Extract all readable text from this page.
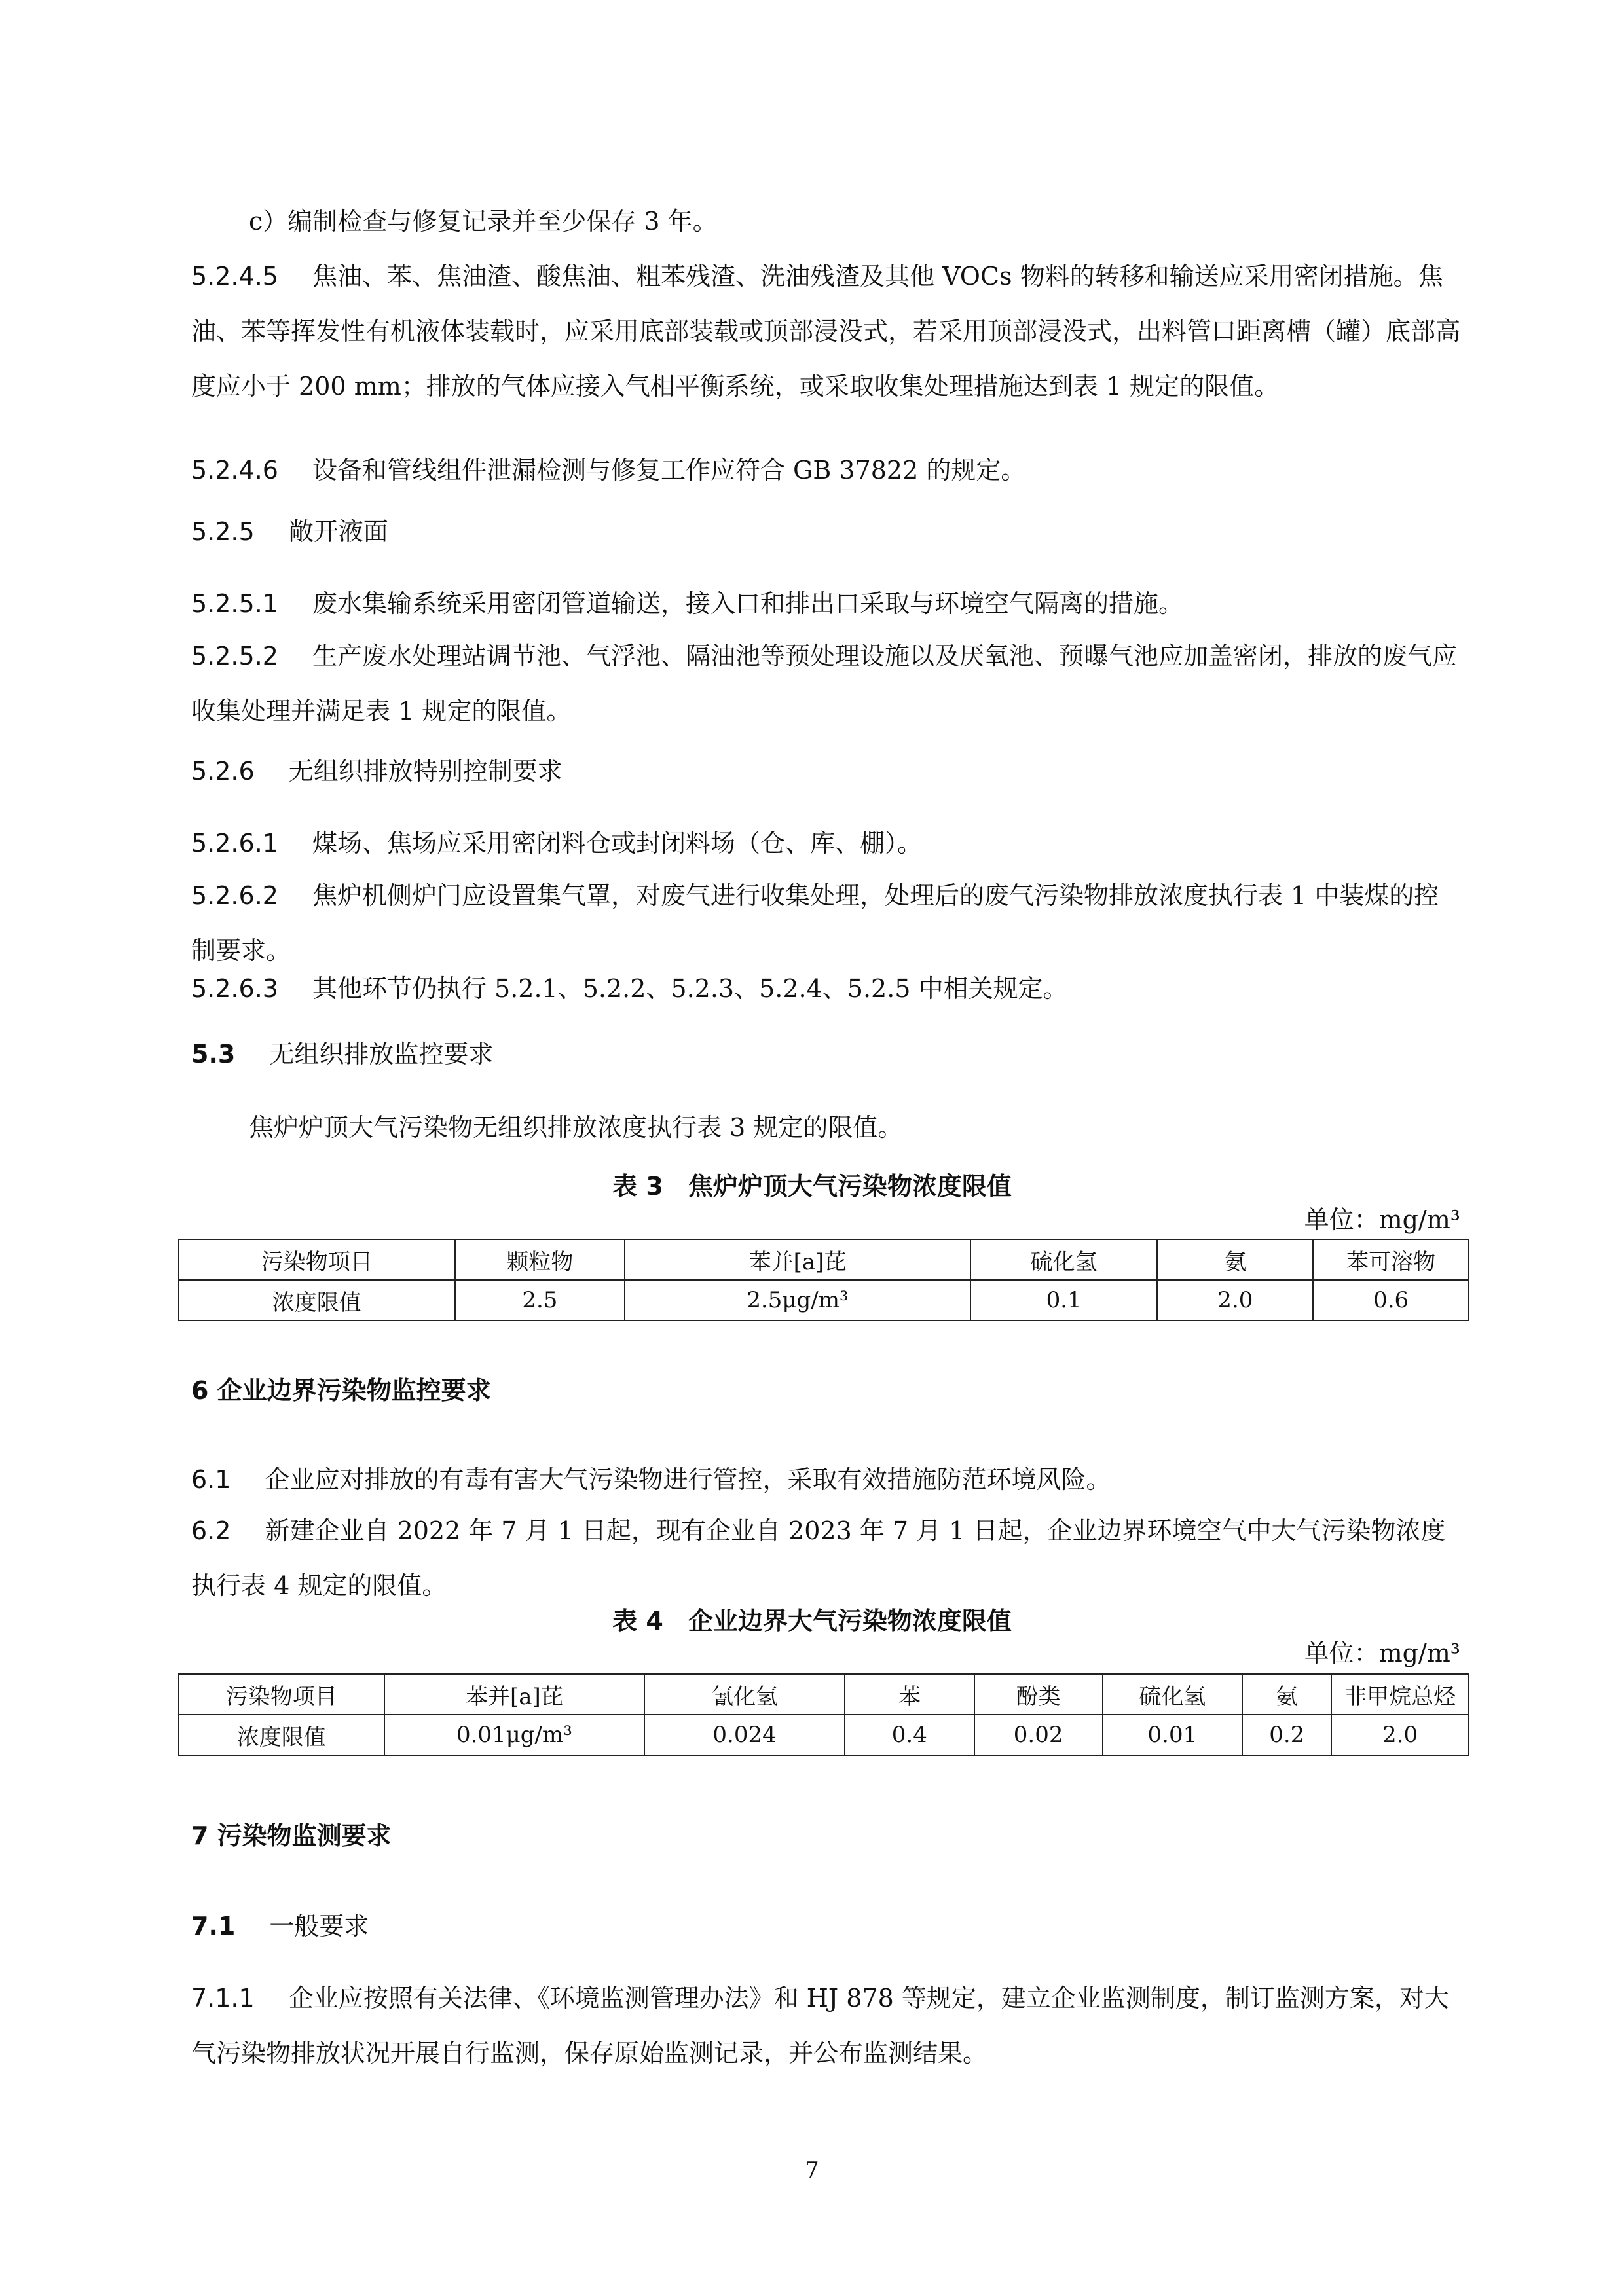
c）编制检查与修复记录并至少保存 3 年。
5.2.4.5 焦油、苯、焦油渣、酸焦油、粗苯残渣、洗油残渣及其他 VOCs 物料的转移和输送应采用密闭措施。焦油、苯等挥发性有机液体装载时，应采用底部装载或顶部浸没式，若采用顶部浸没式，出料管口距离槽（罐）底部高度应小于 200 mm；排放的气体应接入气相平衡系统，或采取收集处理措施达到表 1 规定的限值。
5.2.4.6 设备和管线组件泄漏检测与修复工作应符合 GB 37822 的规定。
5.2.5 敞开液面
5.2.5.1 废水集输系统采用密闭管道输送，接入口和排出口采取与环境空气隔离的措施。
5.2.5.2 生产废水处理站调节池、气浮池、隔油池等预处理设施以及厌氧池、预曝气池应加盖密闭，排放的废气应收集处理并满足表 1 规定的限值。
5.2.6 无组织排放特别控制要求
5.2.6.1 煤场、焦场应采用密闭料仓或封闭料场（仓、库、棚）。
5.2.6.2 焦炉机侧炉门应设置集气罩，对废气进行收集处理，处理后的废气污染物排放浓度执行表 1 中装煤的控制要求。
5.2.6.3 其他环节仍执行 5.2.1、5.2.2、5.2.3、5.2.4、5.2.5 中相关规定。
5.3 无组织排放监控要求
焦炉炉顶大气污染物无组织排放浓度执行表 3 规定的限值。
表 3　焦炉炉顶大气污染物浓度限值
单位：mg/m³
污染物项目	颗粒物	苯并[a]芘	硫化氢	氨	苯可溶物
浓度限值	2.5	2.5μg/m³	0.1	2.0	0.6
6 企业边界污染物监控要求
6.1 企业应对排放的有毒有害大气污染物进行管控，采取有效措施防范环境风险。
6.2 新建企业自 2022 年 7 月 1 日起，现有企业自 2023 年 7 月 1 日起，企业边界环境空气中大气污染物浓度执行表 4 规定的限值。
表 4　企业边界大气污染物浓度限值
单位：mg/m³
污染物项目	苯并[a]芘	氰化氢	苯	酚类	硫化氢	氨	非甲烷总烃
浓度限值	0.01μg/m³	0.024	0.4	0.02	0.01	0.2	2.0
7 污染物监测要求
7.1 一般要求
7.1.1 企业应按照有关法律、《环境监测管理办法》和 HJ 878 等规定，建立企业监测制度，制订监测方案，对大气污染物排放状况开展自行监测，保存原始监测记录，并公布监测结果。
7
